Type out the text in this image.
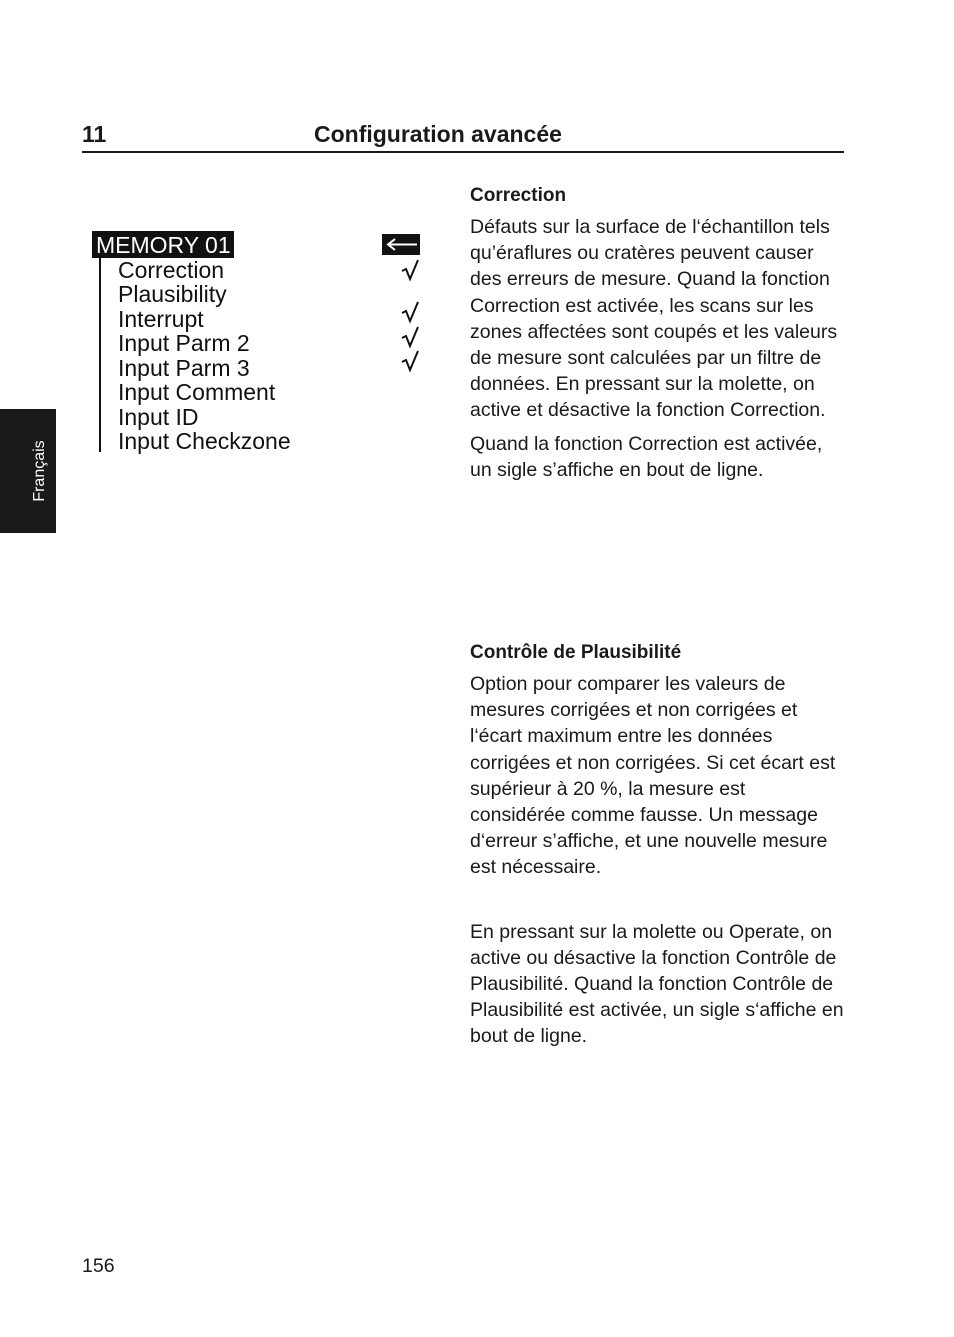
11	Configuration avancée
Français
MEMORY 01
Correction
Plausibility
Interrupt
Input Parm 2
Input Parm 3
Input Comment
Input ID
Input Checkzone

Correction

Défauts sur la surface de l‘échantillon tels qu’éraflures ou cratères peuvent causer des erreurs de mesure. Quand la fonction Correction est activée, les scans sur les zones affectées sont coupés et les valeurs de mesure sont calculées par un filtre de données. En pressant sur la molette, on active et désactive la fonction Correction.

Quand la fonction Correction est activée, un sigle s’affiche en bout de ligne.

Contrôle de Plausibilité

Option pour comparer les valeurs de mesures corrigées et non corrigées et l‘écart maximum entre les données corrigées et non corrigées. Si cet écart est supérieur à 20 %, la mesure est considérée comme fausse. Un message d‘erreur s’affiche, et une nouvelle mesure est nécessaire.

En pressant sur la molette ou Operate, on active ou désactive la fonction Contrôle de Plausibilité. Quand la fonction Contrôle de Plausibilité est activée, un sigle s‘affiche en bout de ligne.

156
